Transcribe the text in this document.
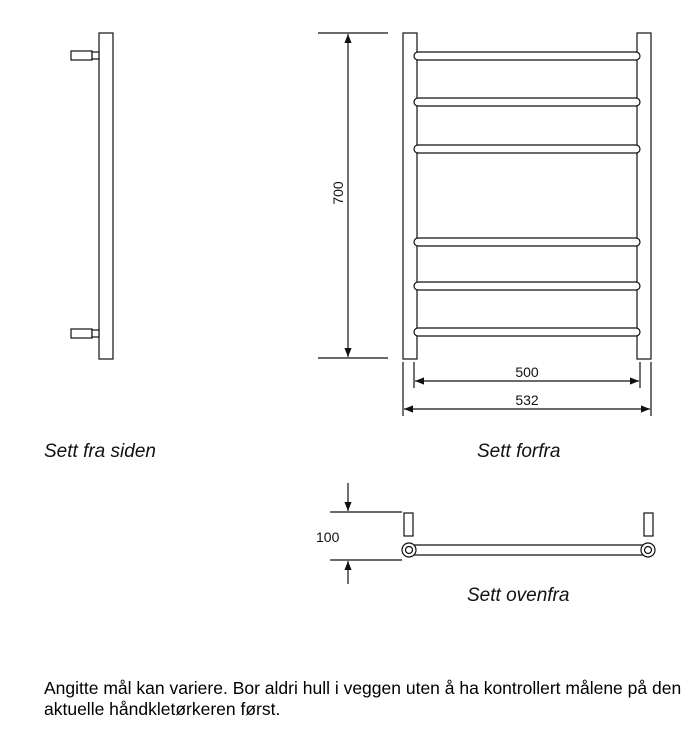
700
500
532
100
Sett fra siden	Sett forfra
Sett ovenfra
Angitte mål kan variere. Bor aldri hull i veggen uten å ha kontrollert målene på den aktuelle håndkletørkeren først.
